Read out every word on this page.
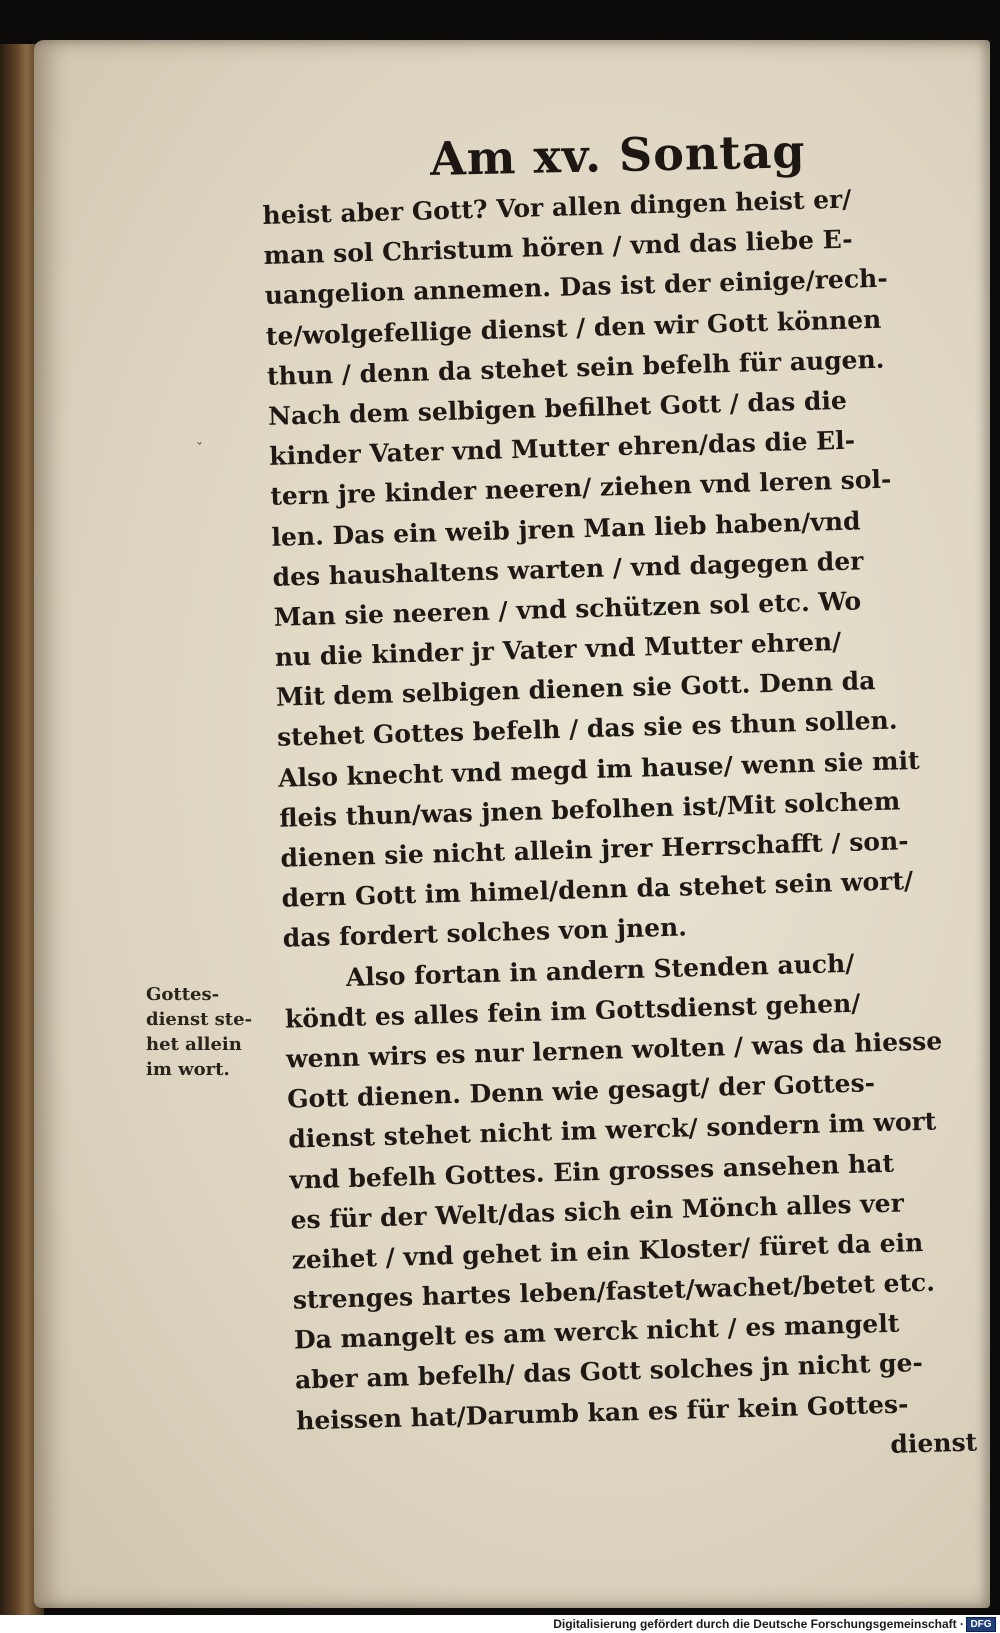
Am xv. Sontag
ˇ
heist aber Gott? Vor allen dingen heist er/
man sol Christum hören / vnd das liebe E-
uangelion annemen. Das ist der einige/rech-
te/wolgefellige dienst / den wir Gott können
thun / denn da stehet sein befelh für augen.
Nach dem selbigen befilhet Gott / das die
kinder Vater vnd Mutter ehren/das die El-
tern jre kinder neeren/ ziehen vnd leren sol-
len. Das ein weib jren Man lieb haben/vnd
des haushaltens warten / vnd dagegen der
Man sie neeren / vnd schützen sol etc. Wo
nu die kinder jr Vater vnd Mutter ehren/
Mit dem selbigen dienen sie Gott. Denn da
stehet Gottes befelh / das sie es thun sollen.
Also knecht vnd megd im hause/ wenn sie mit
fleis thun/was jnen befolhen ist/Mit solchem
dienen sie nicht allein jrer Herrschafft / son-
dern Gott im himel/denn da stehet sein wort/
das fordert solches von jnen.
Also fortan in andern Stenden auch/
köndt es alles fein im Gottsdienst gehen/
wenn wirs es nur lernen wolten / was da hiesse
Gott dienen. Denn wie gesagt/ der Gottes-
dienst stehet nicht im werck/ sondern im wort
vnd befelh Gottes. Ein grosses ansehen hat
es für der Welt/das sich ein Mönch alles ver
zeihet / vnd gehet in ein Kloster/ füret da ein
strenges hartes leben/fastet/wachet/betet etc.
Da mangelt es am werck nicht / es mangelt
aber am befelh/ das Gott solches jn nicht ge-
heissen hat/Darumb kan es für kein Gottes-
dienst
Gottes-
dienst ste-
het allein
im wort.
Digitalisierung gefördert durch die Deutsche Forschungsgemeinschaft · DFG
